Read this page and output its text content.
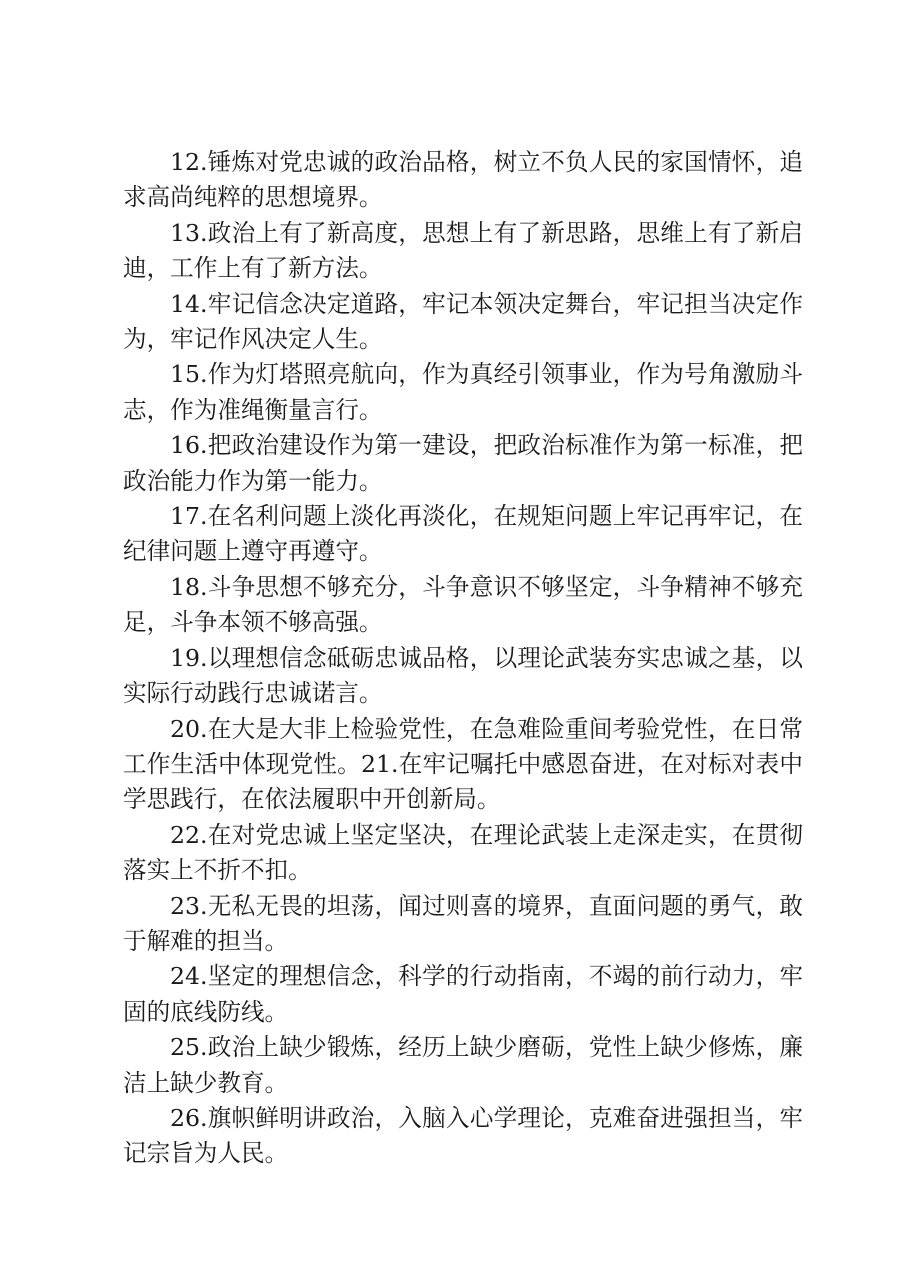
12.锤炼对党忠诚的政治品格，树立不负人民的家国情怀，追求高尚纯粹的思想境界。

13.政治上有了新高度，思想上有了新思路，思维上有了新启迪，工作上有了新方法。

14.牢记信念决定道路，牢记本领决定舞台，牢记担当决定作为，牢记作风决定人生。

15.作为灯塔照亮航向，作为真经引领事业，作为号角激励斗志，作为准绳衡量言行。

16.把政治建设作为第一建设，把政治标准作为第一标准，把政治能力作为第一能力。

17.在名利问题上淡化再淡化，在规矩问题上牢记再牢记，在纪律问题上遵守再遵守。

18.斗争思想不够充分，斗争意识不够坚定，斗争精神不够充足，斗争本领不够高强。

19.以理想信念砥砺忠诚品格，以理论武装夯实忠诚之基，以实际行动践行忠诚诺言。

20.在大是大非上检验党性，在急难险重间考验党性，在日常工作生活中体现党性。21.在牢记嘱托中感恩奋进，在对标对表中学思践行，在依法履职中开创新局。

22.在对党忠诚上坚定坚决，在理论武装上走深走实，在贯彻落实上不折不扣。

23.无私无畏的坦荡，闻过则喜的境界，直面问题的勇气，敢于解难的担当。

24.坚定的理想信念，科学的行动指南，不竭的前行动力，牢固的底线防线。

25.政治上缺少锻炼，经历上缺少磨砺，党性上缺少修炼，廉洁上缺少教育。

26.旗帜鲜明讲政治，入脑入心学理论，克难奋进强担当，牢记宗旨为人民。
